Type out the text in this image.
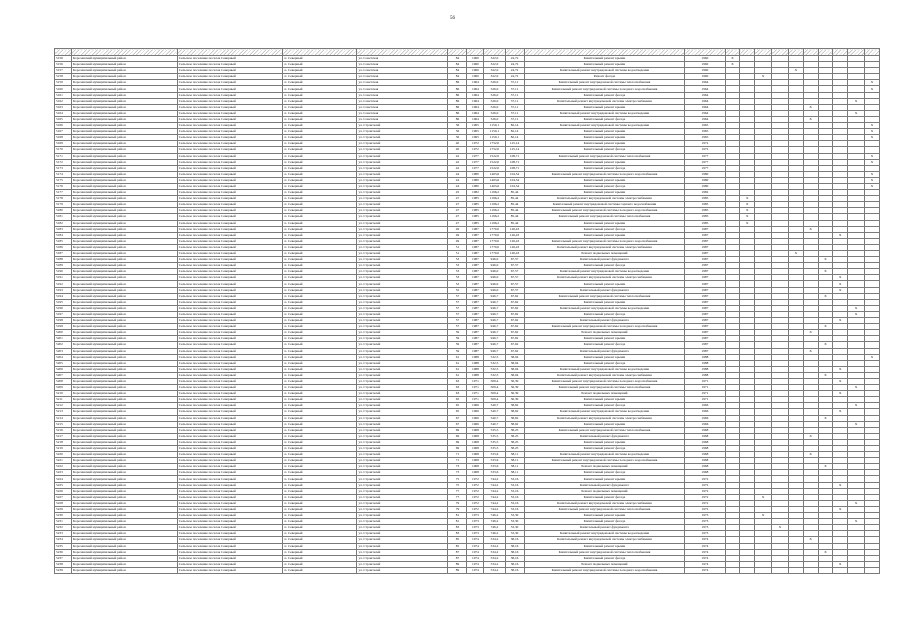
56

5156	Корочанский муниципальный район	Сельское поселение поселок Северный	п. Северный	ул. Советская	84	1960	322,0	24,72	Капитальный ремонт крыши	1960	X									
5156	Корочанский муниципальный район	Сельское поселение поселок Северный	п. Северный	ул. Советская	84	1960	322,0	24,72	Капитальный ремонт крыши	1960	X									
5157	Корочанский муниципальный район	Сельское поселение поселок Северный	п. Северный	ул. Советская	84	1960	322,0	24,72	Капитальный ремонт внутридомовой системы водоотведения	1960					X					
5158	Корочанский муниципальный район	Сельское поселение поселок Северный	п. Северный	ул. Советская	84	1960	322,0	24,72	Ремонт фасада	1960			X							
5159	Корочанский муниципальный район	Сельское поселение поселок Северный	п. Северный	ул. Советская	86	1964	526,0	37,11	Капитальный ремонт внутридомовой системы теплоснабжения	1964										X
5160	Корочанский муниципальный район	Сельское поселение поселок Северный	п. Северный	ул. Советская	86	1964	526,0	37,11	Капитальный ремонт внутридомовой системы холодного водоснабжения	1964										X
5161	Корочанский муниципальный район	Сельское поселение поселок Северный	п. Северный	ул. Советская	86	1964	526,0	37,11	Капитальный ремонт фасада	1964										
5162	Корочанский муниципальный район	Сельское поселение поселок Северный	п. Северный	ул. Советская	86	1964	526,0	37,11	Капитальный ремонт внутридомовой системы электроснабжения	1964									X	
5163	Корочанский муниципальный район	Сельское поселение поселок Северный	п. Северный	ул. Советская	86	1964	526,0	37,11	Капитальный ремонт крыши	1964						X				
5164	Корочанский муниципальный район	Сельское поселение поселок Северный	п. Северный	ул. Советская	86	1964	526,0	37,11	Капитальный ремонт внутридомовой системы водоотведения	1964									X	
5165	Корочанский муниципальный район	Сельское поселение поселок Северный	п. Северный	ул. Советская	86	1964	526,0	37,11	Капитальный ремонт фасада	1964						X				
5166	Корочанский муниципальный район	Сельское поселение поселок Северный	п. Северный	ул. Строителей	36	1965	1150,1	82,14	Капитальный ремонт внутридомовой системы водоотведения	1965										X
5167	Корочанский муниципальный район	Сельское поселение поселок Северный	п. Северный	ул. Строителей	36	1965	1150,1	82,14	Капитальный ремонт крыши	1965										X
5168	Корочанский муниципальный район	Сельское поселение поселок Северный	п. Северный	ул. Строителей	36	1965	1150,1	82,14	Капитальный ремонт крыши	1965										X
5169	Корочанский муниципальный район	Сельское поселение поселок Северный	п. Северный	ул. Строителей	40	1972	1752,0	125,14	Капитальный ремонт крыши	1972										
5170	Корочанский муниципальный район	Сельское поселение поселок Северный	п. Северный	ул. Строителей	40	1972	1752,0	125,14	Капитальный ремонт фасада	1972										
5171	Корочанский муниципальный район	Сельское поселение поселок Северный	п. Северный	ул. Строителей	42	1977	1522,0	108,71	Капитальный ремонт внутридомовой системы теплоснабжения	1977										X
5172	Корочанский муниципальный район	Сельское поселение поселок Северный	п. Северный	ул. Строителей	42	1977	1522,0	108,71	Капитальный ремонт крыши	1977										X
5173	Корочанский муниципальный район	Сельское поселение поселок Северный	п. Северный	ул. Строителей	42	1977	1522,0	108,71	Капитальный ремонт фасада	1977										
5174	Корочанский муниципальный район	Сельское поселение поселок Северный	п. Северный	ул. Строителей	44	1980	1463,6	104,54	Капитальный ремонт внутридомовой системы холодного водоснабжения	1980										X
5175	Корочанский муниципальный район	Сельское поселение поселок Северный	п. Северный	ул. Строителей	44	1980	1463,6	104,54	Капитальный ремонт крыши	1980										X
5176	Корочанский муниципальный район	Сельское поселение поселок Северный	п. Северный	ул. Строителей	44	1980	1463,6	104,54	Капитальный ремонт фасада	1980										X
5177	Корочанский муниципальный район	Сельское поселение поселок Северный	п. Северный	ул. Строителей	45	1982	1196,2	85,44	Капитальный ремонт крыши	1982										
5178	Корочанский муниципальный район	Сельское поселение поселок Северный	п. Северный	ул. Строителей	47	1985	1196,2	85,44	Капитальный ремонт внутридомовой системы электроснабжения	1985		X								
5179	Корочанский муниципальный район	Сельское поселение поселок Северный	п. Северный	ул. Строителей	47	1985	1196,2	85,44	Капитальный ремонт внутридомовой системы горячего водоснабжения	1985		X								
5180	Корочанский муниципальный район	Сельское поселение поселок Северный	п. Северный	ул. Строителей	47	1985	1196,2	85,44	Капитальный ремонт внутридомовой системы холодного водоснабжения	1985		X								
5181	Корочанский муниципальный район	Сельское поселение поселок Северный	п. Северный	ул. Строителей	47	1985	1196,2	85,44	Капитальный ремонт внутридомовой системы теплоснабжения	1985		X								
5182	Корочанский муниципальный район	Сельское поселение поселок Северный	п. Северный	ул. Строителей	47	1985	1196,2	85,44	Капитальный ремонт крыши	1985		X								
5183	Корочанский муниципальный район	Сельское поселение поселок Северный	п. Северный	ул. Строителей	49	1987	1770,0	126,43	Капитальный ремонт фасада	1987						X				
5184	Корочанский муниципальный район	Сельское поселение поселок Северный	п. Северный	ул. Строителей	49	1987	1770,0	126,43	Капитальный ремонт крыши	1987								X		
5185	Корочанский муниципальный район	Сельское поселение поселок Северный	п. Северный	ул. Строителей	49	1987	1770,0	126,43	Капитальный ремонт внутридомовой системы холодного водоснабжения	1987										
5186	Корочанский муниципальный район	Сельское поселение поселок Северный	п. Северный	ул. Строителей	51	1987	1770,0	126,43	Капитальный ремонт внутридомовой системы электроснабжения	1987										
5187	Корочанский муниципальный район	Сельское поселение поселок Северный	п. Северный	ул. Строителей	51	1987	1770,0	126,43	Ремонт подвальных помещений	1987					X					
5188	Корочанский муниципальный район	Сельское поселение поселок Северный	п. Северный	ул. Строителей	53	1987	946,0	67,57	Капитальный ремонт фундамента	1987							X			
5189	Корочанский муниципальный район	Сельское поселение поселок Северный	п. Северный	ул. Строителей	53	1987	946,0	67,57	Капитальный ремонт фасада	1987										
5190	Корочанский муниципальный район	Сельское поселение поселок Северный	п. Северный	ул. Строителей	53	1987	946,0	67,57	Капитальный ремонт внутридомовой системы водоотведения	1987							X			
5191	Корочанский муниципальный район	Сельское поселение поселок Северный	п. Северный	ул. Строителей	53	1987	946,0	67,57	Капитальный ремонт внутридомовой системы электроснабжения	1987								X		
5192	Корочанский муниципальный район	Сельское поселение поселок Северный	п. Северный	ул. Строителей	53	1987	946,0	67,57	Капитальный ремонт крыши	1987								X		
5193	Корочанский муниципальный район	Сельское поселение поселок Северный	п. Северный	ул. Строителей	55	1987	946,0	67,57	Капитальный ремонт фундамента	1987								X		
5194	Корочанский муниципальный район	Сельское поселение поселок Северный	п. Северный	ул. Строителей	57	1987	946,7	67,62	Капитальный ремонт внутридомовой системы теплоснабжения	1987							X			
5195	Корочанский муниципальный район	Сельское поселение поселок Северный	п. Северный	ул. Строителей	57	1987	946,7	67,62	Капитальный ремонт крыши	1987										
5196	Корочанский муниципальный район	Сельское поселение поселок Северный	п. Северный	ул. Строителей	57	1987	946,7	67,62	Капитальный ремонт внутридомовой системы водоотведения	1987									X	
5197	Корочанский муниципальный район	Сельское поселение поселок Северный	п. Северный	ул. Строителей	57	1987	946,7	67,62	Капитальный ремонт фасада	1987									X	
5198	Корочанский муниципальный район	Сельское поселение поселок Северный	п. Северный	ул. Строителей	57	1987	946,7	67,62	Капитальный ремонт фундамента	1987								X		
5199	Корочанский муниципальный район	Сельское поселение поселок Северный	п. Северный	ул. Строителей	57	1987	946,7	67,62	Капитальный ремонт внутридомовой системы холодного водоснабжения	1987							X			
5200	Корочанский муниципальный район	Сельское поселение поселок Северный	п. Северный	ул. Строителей	59	1987	946,7	67,62	Ремонт подвальных помещений	1987						X				
5201	Корочанский муниципальный район	Сельское поселение поселок Северный	п. Северный	ул. Строителей	59	1987	946,7	67,62	Капитальный ремонт крыши	1987										
5202	Корочанский муниципальный район	Сельское поселение поселок Северный	п. Северный	ул. Строителей	59	1987	946,7	67,62	Капитальный ремонт фасада	1987							X			
5203	Корочанский муниципальный район	Сельское поселение поселок Северный	п. Северный	ул. Строителей	59	1987	946,7	67,62	Капитальный ремонт фундамента	1987						X				
5204	Корочанский муниципальный район	Сельское поселение поселок Северный	п. Северный	ул. Строителей	61	1988	532,5	38,04	Капитальный ремонт крыши	1988										X
5205	Корочанский муниципальный район	Сельское поселение поселок Северный	п. Северный	ул. Строителей	61	1988	532,5	38,04	Капитальный ремонт фасада	1988										
5206	Корочанский муниципальный район	Сельское поселение поселок Северный	п. Северный	ул. Строителей	61	1988	532,5	38,04	Капитальный ремонт внутридомовой системы водоотведения	1988								X		
5207	Корочанский муниципальный район	Сельское поселение поселок Северный	п. Северный	ул. Строителей	61	1988	532,5	38,04	Капитальный ремонт внутридомовой системы электроснабжения	1988							X			
5208	Корочанский муниципальный район	Сельское поселение поселок Северный	п. Северный	ул. Строителей	63	1971	509,4	36,39	Капитальный ремонт внутридомовой системы холодного водоснабжения	1971								X		
5209	Корочанский муниципальный район	Сельское поселение поселок Северный	п. Северный	ул. Строителей	63	1971	509,4	36,39	Капитальный ремонт внутридомовой системы теплоснабжения	1971									X	
5210	Корочанский муниципальный район	Сельское поселение поселок Северный	п. Северный	ул. Строителей	63	1971	509,4	36,39	Ремонт подвальных помещений	1971								X		
5211	Корочанский муниципальный район	Сельское поселение поселок Северный	п. Северный	ул. Строителей	65	1971	509,4	36,39	Капитальный ремонт крыши	1971										
5212	Корочанский муниципальный район	Сельское поселение поселок Северный	п. Северный	ул. Строителей	65	1966	540,7	38,62	Капитальный ремонт фасада	1966									X	
5213	Корочанский муниципальный район	Сельское поселение поселок Северный	п. Северный	ул. Строителей	65	1966	540,7	38,62	Капитальный ремонт внутридомовой системы водоотведения	1966								X		
5214	Корочанский муниципальный район	Сельское поселение поселок Северный	п. Северный	ул. Строителей	67	1966	540,7	38,62	Капитальный ремонт внутридомовой системы электроснабжения	1966							X			
5215	Корочанский муниципальный район	Сельское поселение поселок Северный	п. Северный	ул. Строителей	67	1966	540,7	38,62	Капитальный ремонт крыши	1966									X	
5216	Корочанский муниципальный район	Сельское поселение поселок Северный	п. Северный	ул. Строителей	69	1968	535,5	38,25	Капитальный ремонт внутридомовой системы теплоснабжения	1968										
5217	Корочанский муниципальный район	Сельское поселение поселок Северный	п. Северный	ул. Строителей	69	1968	535,5	38,25	Капитальный ремонт фундамента	1968						X				
5218	Корочанский муниципальный район	Сельское поселение поселок Северный	п. Северный	ул. Строителей	69	1968	535,5	38,25	Капитальный ремонт крыши	1968										
5219	Корочанский муниципальный район	Сельское поселение поселок Северный	п. Северный	ул. Строителей	69	1968	535,5	38,25	Капитальный ремонт фасада	1968										
5220	Корочанский муниципальный район	Сельское поселение поселок Северный	п. Северный	ул. Строителей	71	1968	533,6	38,11	Капитальный ремонт внутридомовой системы водоотведения	1968						X				
5221	Корочанский муниципальный район	Сельское поселение поселок Северный	п. Северный	ул. Строителей	71	1968	533,6	38,11	Капитальный ремонт внутридомовой системы холодного водоснабжения	1968										
5222	Корочанский муниципальный район	Сельское поселение поселок Северный	п. Северный	ул. Строителей	73	1968	533,6	38,11	Ремонт подвальных помещений	1968							X			
5223	Корочанский муниципальный район	Сельское поселение поселок Северный	п. Северный	ул. Строителей	73	1968	533,6	38,11	Капитальный ремонт фасада	1968										
5224	Корочанский муниципальный район	Сельское поселение поселок Северный	п. Северный	ул. Строителей	75	1972	744,2	53,16	Капитальный ремонт крыши	1972										
5225	Корочанский муниципальный район	Сельское поселение поселок Северный	п. Северный	ул. Строителей	75	1972	744,2	53,16	Капитальный ремонт фундамента	1972								X		
5226	Корочанский муниципальный район	Сельское поселение поселок Северный	п. Северный	ул. Строителей	77	1972	744,2	53,16	Ремонт подвальных помещений	1972										
5227	Корочанский муниципальный район	Сельское поселение поселок Северный	п. Северный	ул. Строителей	77	1972	744,2	53,16	Капитальный ремонт фасада	1972			X							
5228	Корочанский муниципальный район	Сельское поселение поселок Северный	п. Северный	ул. Строителей	79	1972	744,2	53,16	Капитальный ремонт внутридомовой системы электроснабжения	1972									X	
5229	Корочанский муниципальный район	Сельское поселение поселок Северный	п. Северный	ул. Строителей	79	1972	744,2	53,16	Капитальный ремонт внутридомовой системы теплоснабжения	1972								X		
5230	Корочанский муниципальный район	Сельское поселение поселок Северный	п. Северный	ул. Строителей	81	1973	746,2	53,30	Капитальный ремонт крыши	1973			X							
5231	Корочанский муниципальный район	Сельское поселение поселок Северный	п. Северный	ул. Строителей	81	1973	746,2	53,30	Капитальный ремонт фасада	1973									X	
5232	Корочанский муниципальный район	Сельское поселение поселок Северный	п. Северный	ул. Строителей	83	1973	746,2	53,30	Капитальный ремонт фундамента	1973				X						
5233	Корочанский муниципальный район	Сельское поселение поселок Северный	п. Северный	ул. Строителей	83	1973	746,2	53,30	Капитальный ремонт внутридомовой системы водоотведения	1973										
5234	Корочанский муниципальный район	Сельское поселение поселок Северный	п. Северный	ул. Строителей	85	1974	534,2	38,16	Капитальный ремонт внутридомовой системы электроснабжения	1974						X				
5235	Корочанский муниципальный район	Сельское поселение поселок Северный	п. Северный	ул. Строителей	85	1974	534,2	38,16	Капитальный ремонт крыши	1974										
5236	Корочанский муниципальный район	Сельское поселение поселок Северный	п. Северный	ул. Строителей	87	1974	534,2	38,16	Капитальный ремонт внутридомовой системы теплоснабжения	1974							X			
5237	Корочанский муниципальный район	Сельское поселение поселок Северный	п. Северный	ул. Строителей	87	1974	534,2	38,16	Капитальный ремонт фасада	1974										
5238	Корочанский муниципальный район	Сельское поселение поселок Северный	п. Северный	ул. Строителей	89	1974	534,2	38,16	Ремонт подвальных помещений	1974								X		
5239	Корочанский муниципальный район	Сельское поселение поселок Северный	п. Северный	ул. Строителей	89	1974	534,2	38,16	Капитальный ремонт внутридомовой системы холодного водоснабжения	1974										
